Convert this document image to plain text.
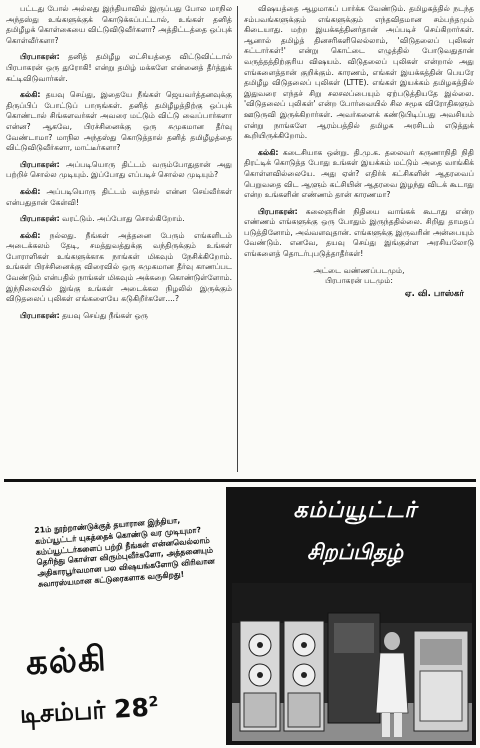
பட்டது போல் அல்லது இந்தியாவில் இருப்பது போல மாநில அந்தஸ்து உங்களுக்குக் கொடுக்கப்பட்டால், உங்கள் தனித் தமிழீழக் கொள்கையை விட்டுவிடுவீர்களா? அத்திட்டத்தை ஒப்புக் கொள்வீர்களா?

பிரபாகரன்: தனித் தமிழீழ லட்சியத்தை விட்டுவிட்டால் பிரபாகரன் ஒரு துரோகி! என்று தமிழ் மக்களே என்னைத் தீர்த்துக் கட்டிவிடுவார்கள்.

கல்கி: தயவு செய்து, இதையே நீங்கள் ஜெயவர்த்தனவுக்கு திருப்பிப் போட்டுப் பாருங்கள். தனித் தமிழீழத்திற்கு ஒப்புக் கொண்டால் சிங்களவர்கள் அவரை மட்டும் விட்டு வைப்பார்களா என்ன? ஆகவே, பிரச்சினைக்கு ஒரு சுமுகமான தீர்வு வேண்டாமா? மாநில அந்தஸ்து கொடுத்தால் தனித் தமிழீழத்தை விட்டுவிடுவீர்களா, மாட்டீர்களா?

பிரபாகரன்: அப்படியொரு திட்டம் வரும்போதுதான் அது பற்றிச் சொல்ல முடியும். இப்போது எப்படிச் சொல்ல முடியும்?

கல்கி: அப்படியொரு திட்டம் வந்தால் என்ன செய்வீர்கள் என்பதுதான் கேள்வி!

பிரபாகரன்: வரட்டும். அப்போது சொல்கிறோம்.

கல்கி: நல்லது. நீங்கள் அத்தனை பேரும் எங்களிடம் அடைக்கலம் தேடி, சமத்துவத்துக்கு வந்திருக்கும் உங்கள் போராளிகள் உங்களுக்காக நாங்கள் மிகவும் நேசிக்கிறோம். உங்கள் பிரச்சினைக்கு விரைவில் ஒரு சுமுகமான தீர்வு காணப்பட வேண்டும் என்பதில் நாங்கள் மிகவும் அக்கறை கொண்டுள்ளோம். இந்நிலையில் இங்கு உங்கள் அடைக்கல நிழலில் இருக்கும் விடுதலைப் புலிகள் எங்களையே கடுகிறீர்களே....?

பிரபாகரன்: தயவு செய்து நீங்கள் ஒரு

விஷயத்தை ஆழமாகப் பார்க்க வேண்டும். தமிழகத்தில் நடந்த சம்பவங்களுக்கும் எங்களுக்கும் எந்தவிதமான சம்பந்தமும் கிடையாது. மற்ற இயக்கத்தினர்தான் அப்படிச் செய்கிறார்கள். ஆனால் தமிழ்த் தினசரிகளிலெல்லாம், 'விடுதலைப் புலிகள் சுட்டார்கள்!' என்று கொட்டை எழுத்தில் போடுவதுதான் வருத்தத்திற்குரிய விஷயம். விடுதலைப் புலிகள் என்றால் அது எங்களைத்தான் குறிக்கும். காரணம், எங்கள் இயக்கத்தின் பெயரே தமிழீழ விடுதலைப் புலிகள் (LTTE). எங்கள் இயக்கம் தமிழகத்தில் இதுவரை எந்தச் சிறு சலசலப்பையும் ஏற்படுத்தியதே இல்லை. 'விடுதலைப் புலிகள்' என்ற போர்வையில் சில சமூக விரோதிகளும் ஊடுருவி இருக்கிறார்கள். அவர்களைக் கண்டுபிடிப்பது அவசியம் என்று நாங்களே ஆரம்பத்தில் தமிழக அரசிடம் எடுத்துக் கூறியிருக்கிறோம்.

கல்கி: கடைசியாக ஒன்று. தி.மு.க. தலைவர் கருணாநிதி நிதி திரட்டிக் கொடுத்த போது உங்கள் இயக்கம் மட்டும் அதை வாங்கிக் கொள்ளவில்லையே. அது ஏன்? எதிர்க் கட்சிகளின் ஆதரவைப் பெறுவதை விட ஆளும் கட்சியின் ஆதரவை இழந்து விடக் கூடாது என்ற உங்களின் எண்ணம் தான் காரணமா?

பிரபாகரன்: கலைஞரின் நிதியை வாங்கக் கூடாது என்ற எண்ணம் எங்களுக்கு ஒரு போதும் இருந்ததில்லை. சிறிது தாமதப் படுத்தினோம், அவ்வளவுதான். எங்களுக்கு இருவரின் அன்பையும் வேண்டும். எனவே, தயவு செய்து இங்குள்ள அரசியலோடு எங்களைத் தொடர்புபடுத்தாதீர்கள்!

அட்டை வண்ணப்படமும்,
பிரபாகரன் படமும்:
ஏ. வி. பாஸ்கர்
21ம் நூற்றாண்டுக்குத் தயாரான இந்தியா, கம்ப்யூட்டர் யுகத்தைக் கொண்டு வர முடியுமா? கம்ப்யூட்டர்களைப் பற்றி நீங்கள் என்னவெல்லாம் தெரிந்து கொள்ள விரும்புவீர்களோ, அத்தனையும் அதிகாரபூர்வமான பல விஷயங்களோடு விரிவான சுவாரஸ்யமான கட்டுரைகளாக வருகிறது!
கல்கி
டிசம்பர் $28^2$
கம்ப்யூட்டர்
சிறப்பிதழ்
